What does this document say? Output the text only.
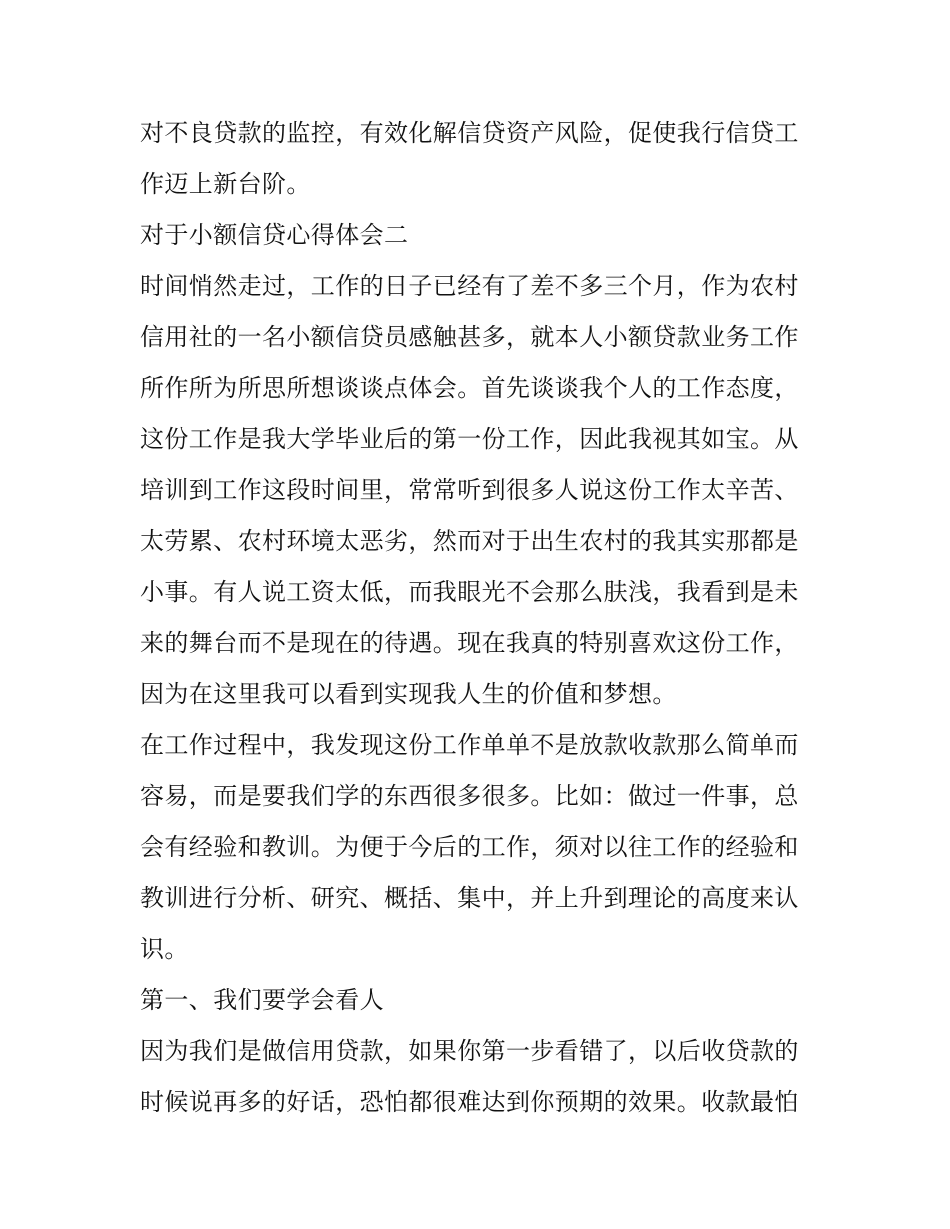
对不良贷款的监控，有效化解信贷资产风险，促使我行信贷工
作迈上新台阶。
对于小额信贷心得体会二
时间悄然走过，工作的日子已经有了差不多三个月，作为农村
信用社的一名小额信贷员感触甚多，就本人小额贷款业务工作
所作所为所思所想谈谈点体会。首先谈谈我个人的工作态度，
这份工作是我大学毕业后的第一份工作，因此我视其如宝。从
培训到工作这段时间里，常常听到很多人说这份工作太辛苦、
太劳累、农村环境太恶劣，然而对于出生农村的我其实那都是
小事。有人说工资太低，而我眼光不会那么肤浅，我看到是未
来的舞台而不是现在的待遇。现在我真的特别喜欢这份工作，
因为在这里我可以看到实现我人生的价值和梦想。
在工作过程中，我发现这份工作单单不是放款收款那么简单而
容易，而是要我们学的东西很多很多。比如：做过一件事，总
会有经验和教训。为便于今后的工作，须对以往工作的经验和
教训进行分析、研究、概括、集中，并上升到理论的高度来认
识。
第一、我们要学会看人
因为我们是做信用贷款，如果你第一步看错了，以后收贷款的
时候说再多的好话，恐怕都很难达到你预期的效果。收款最怕
